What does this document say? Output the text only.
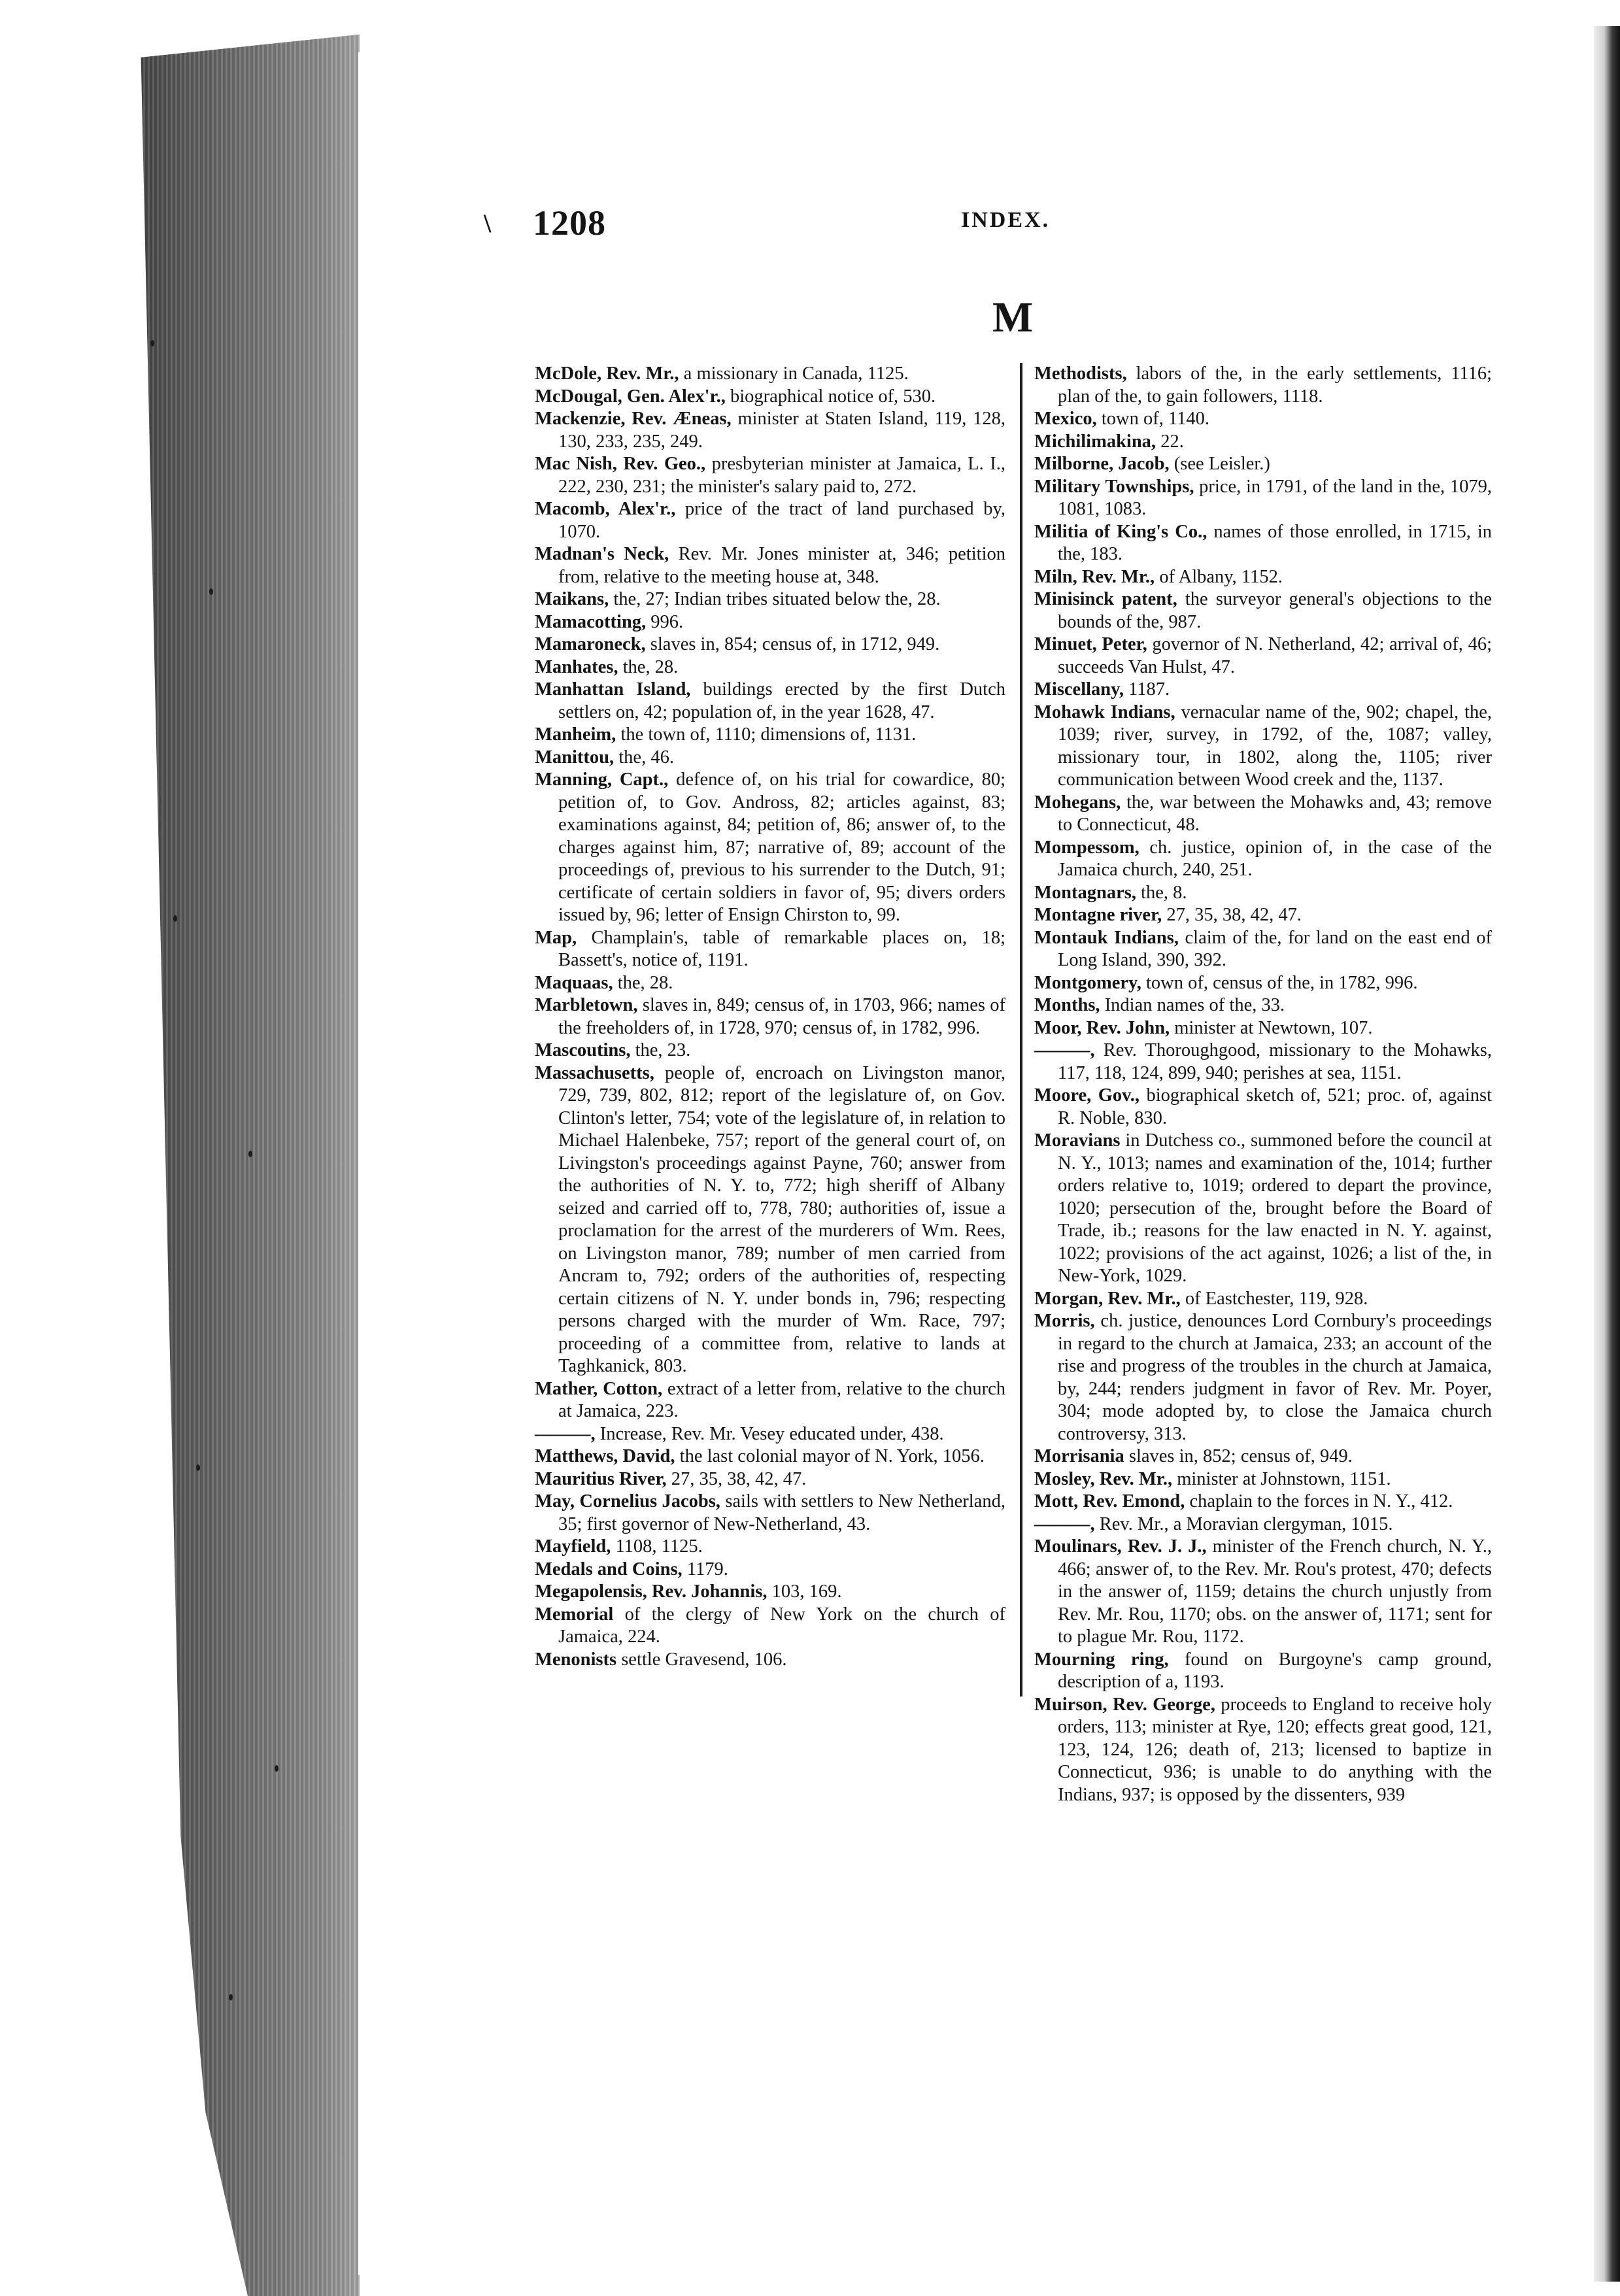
\ 1208	INDEX.
M

McDole, Rev. Mr., a missionary in Canada, 1125.

McDougal, Gen. Alex'r., biographical notice of, 530.

Mackenzie, Rev. Æneas, minister at Staten Island, 119, 128, 130, 233, 235, 249.

Mac Nish, Rev. Geo., presbyterian minister at Jamaica, L. I., 222, 230, 231; the minister's salary paid to, 272.

Macomb, Alex'r., price of the tract of land purchased by, 1070.

Madnan's Neck, Rev. Mr. Jones minister at, 346; petition from, relative to the meeting house at, 348.

Maikans, the, 27; Indian tribes situated below the, 28.

Mamacotting, 996.

Mamaroneck, slaves in, 854; census of, in 1712, 949.

Manhates, the, 28.

Manhattan Island, buildings erected by the first Dutch settlers on, 42; population of, in the year 1628, 47.

Manheim, the town of, 1110; dimensions of, 1131.

Manittou, the, 46.

Manning, Capt., defence of, on his trial for cowardice, 80; petition of, to Gov. Andross, 82; articles against, 83; examinations against, 84; petition of, 86; answer of, to the charges against him, 87; narrative of, 89; account of the proceedings of, previous to his surrender to the Dutch, 91; certificate of certain soldiers in favor of, 95; divers orders issued by, 96; letter of Ensign Chirston to, 99.

Map, Champlain's, table of remarkable places on, 18; Bassett's, notice of, 1191.

Maquaas, the, 28.

Marbletown, slaves in, 849; census of, in 1703, 966; names of the freeholders of, in 1728, 970; census of, in 1782, 996.

Mascoutins, the, 23.

Massachusetts, people of, encroach on Livingston manor, 729, 739, 802, 812; report of the legislature of, on Gov. Clinton's letter, 754; vote of the legislature of, in relation to Michael Halenbeke, 757; report of the general court of, on Livingston's proceedings against Payne, 760; answer from the authorities of N. Y. to, 772; high sheriff of Albany seized and carried off to, 778, 780; authorities of, issue a proclamation for the arrest of the murderers of Wm. Rees, on Livingston manor, 789; number of men carried from Ancram to, 792; orders of the authorities of, respecting certain citizens of N. Y. under bonds in, 796; respecting persons charged with the murder of Wm. Race, 797; proceeding of a committee from, relative to lands at Taghkanick, 803.

Mather, Cotton, extract of a letter from, relative to the church at Jamaica, 223.

———, Increase, Rev. Mr. Vesey educated under, 438.

Matthews, David, the last colonial mayor of N. York, 1056.

Mauritius River, 27, 35, 38, 42, 47.

May, Cornelius Jacobs, sails with settlers to New Netherland, 35; first governor of New-Netherland, 43.

Mayfield, 1108, 1125.

Medals and Coins, 1179.

Megapolensis, Rev. Johannis, 103, 169.

Memorial of the clergy of New York on the church of Jamaica, 224.

Menonists settle Gravesend, 106.

Methodists, labors of the, in the early settlements, 1116; plan of the, to gain followers, 1118.

Mexico, town of, 1140.

Michilimakina, 22.

Milborne, Jacob, (see Leisler.)

Military Townships, price, in 1791, of the land in the, 1079, 1081, 1083.

Militia of King's Co., names of those enrolled, in 1715, in the, 183.

Miln, Rev. Mr., of Albany, 1152.

Minisinck patent, the surveyor general's objections to the bounds of the, 987.

Minuet, Peter, governor of N. Netherland, 42; arrival of, 46; succeeds Van Hulst, 47.

Miscellany, 1187.

Mohawk Indians, vernacular name of the, 902; chapel, the, 1039; river, survey, in 1792, of the, 1087; valley, missionary tour, in 1802, along the, 1105; river communication between Wood creek and the, 1137.

Mohegans, the, war between the Mohawks and, 43; remove to Connecticut, 48.

Mompessom, ch. justice, opinion of, in the case of the Jamaica church, 240, 251.

Montagnars, the, 8.

Montagne river, 27, 35, 38, 42, 47.

Montauk Indians, claim of the, for land on the east end of Long Island, 390, 392.

Montgomery, town of, census of the, in 1782, 996.

Months, Indian names of the, 33.

Moor, Rev. John, minister at Newtown, 107.

———, Rev. Thoroughgood, missionary to the Mohawks, 117, 118, 124, 899, 940; perishes at sea, 1151.

Moore, Gov., biographical sketch of, 521; proc. of, against R. Noble, 830.

Moravians in Dutchess co., summoned before the council at N. Y., 1013; names and examination of the, 1014; further orders relative to, 1019; ordered to depart the province, 1020; persecution of the, brought before the Board of Trade, ib.; reasons for the law enacted in N. Y. against, 1022; provisions of the act against, 1026; a list of the, in New-York, 1029.

Morgan, Rev. Mr., of Eastchester, 119, 928.

Morris, ch. justice, denounces Lord Cornbury's proceedings in regard to the church at Jamaica, 233; an account of the rise and progress of the troubles in the church at Jamaica, by, 244; renders judgment in favor of Rev. Mr. Poyer, 304; mode adopted by, to close the Jamaica church controversy, 313.

Morrisania slaves in, 852; census of, 949.

Mosley, Rev. Mr., minister at Johnstown, 1151.

Mott, Rev. Emond, chaplain to the forces in N. Y., 412.

———, Rev. Mr., a Moravian clergyman, 1015.

Moulinars, Rev. J. J., minister of the French church, N. Y., 466; answer of, to the Rev. Mr. Rou's protest, 470; defects in the answer of, 1159; detains the church unjustly from Rev. Mr. Rou, 1170; obs. on the answer of, 1171; sent for to plague Mr. Rou, 1172.

Mourning ring, found on Burgoyne's camp ground, description of a, 1193.

Muirson, Rev. George, proceeds to England to receive holy orders, 113; minister at Rye, 120; effects great good, 121, 123, 124, 126; death of, 213; licensed to baptize in Connecticut, 936; is unable to do anything with the Indians, 937; is opposed by the dissenters, 939
